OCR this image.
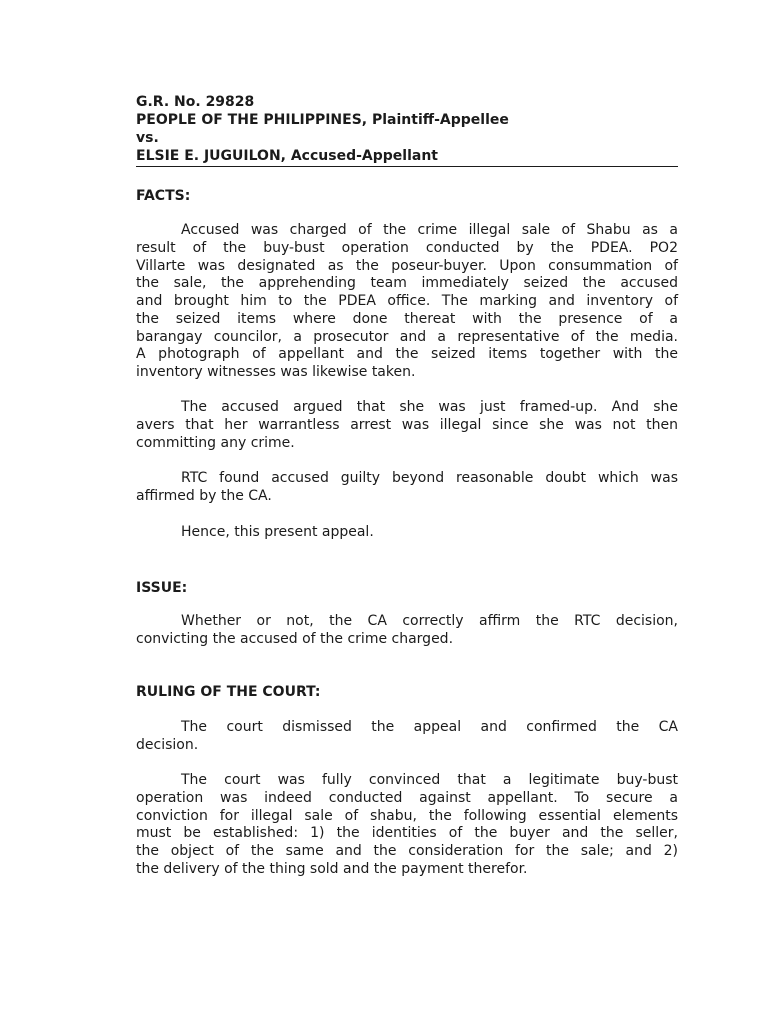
G.R. No. 29828
PEOPLE OF THE PHILIPPINES, Plaintiff-Appellee
vs.
ELSIE E. JUGUILON, Accused-Appellant
FACTS:
Accused was charged of the crime illegal sale of Shabu as a
result of the buy-bust operation conducted by the PDEA. PO2
Villarte was designated as the poseur-buyer. Upon consummation of
the sale, the apprehending team immediately seized the accused
and brought him to the PDEA office. The marking and inventory of
the seized items where done thereat with the presence of a
barangay councilor, a prosecutor and a representative of the media.
A photograph of appellant and the seized items together with the
inventory witnesses was likewise taken.
The accused argued that she was just framed-up. And she
avers that her warrantless arrest was illegal since she was not then
committing any crime.
RTC found accused guilty beyond reasonable doubt which was
affirmed by the CA.
Hence, this present appeal.
ISSUE:
Whether or not, the CA correctly affirm the RTC decision,
convicting the accused of the crime charged.
RULING OF THE COURT:
The court dismissed the appeal and confirmed the CA
decision.
The court was fully convinced that a legitimate buy-bust
operation was indeed conducted against appellant. To secure a
conviction for illegal sale of shabu, the following essential elements
must be established: 1) the identities of the buyer and the seller,
the object of the same and the consideration for the sale; and 2)
the delivery of the thing sold and the payment therefor.
